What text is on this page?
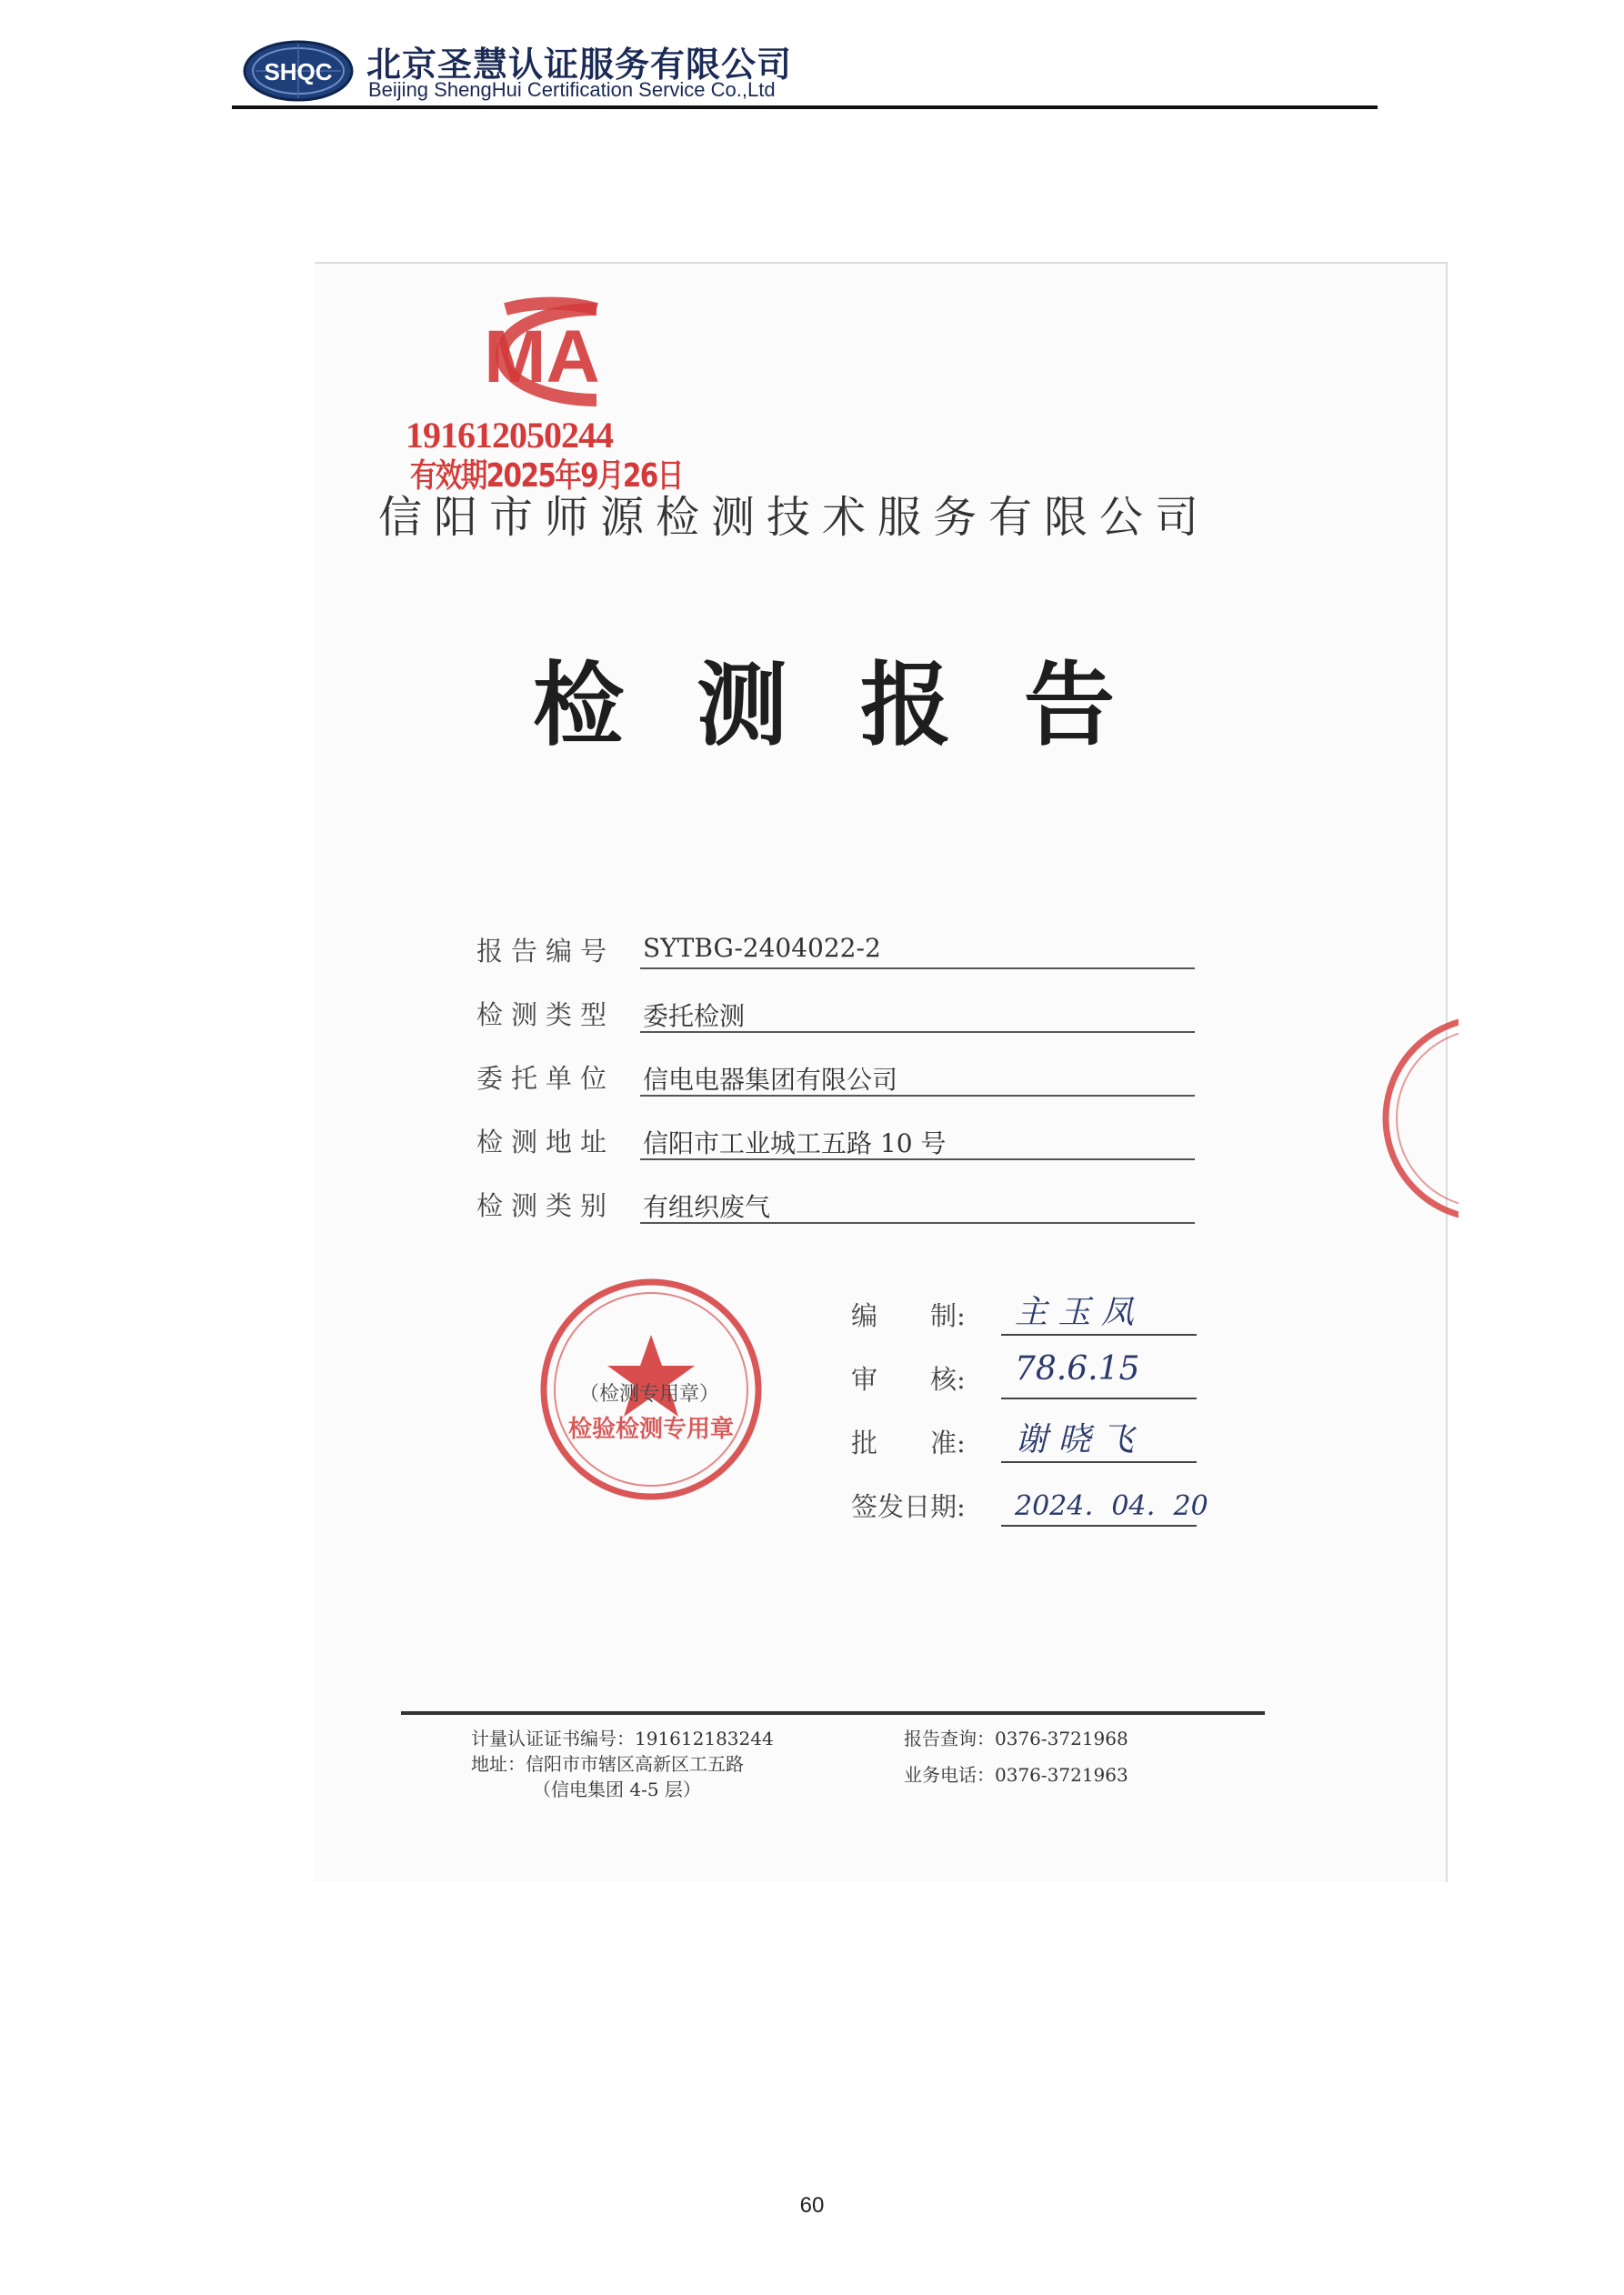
SHQC 北京圣慧认证服务有限公司
Beijing ShengHui Certification Service Co.,Ltd
MA
191612050244
有效期2025年9月26日
信阳市师源检测技术服务有限公司
检测报告
报告编号 SYTBG-2404022-2
检测类型 委托检测
委托单位 信电电器集团有限公司
检测地址 信阳市工业城工五路 10 号
检测类别 有组织废气
（检测专用章）
检验检测专用章
编　　制: 主 玉 凤
审　　核: 78.6.15
批　　准: 谢 晓 飞
签发日期: 2024．04．20
计量认证证书编号：191612183244
地址：信阳市市辖区高新区工五路
（信电集团 4-5 层）
报告查询：0376-3721968
业务电话：0376-3721963
60
